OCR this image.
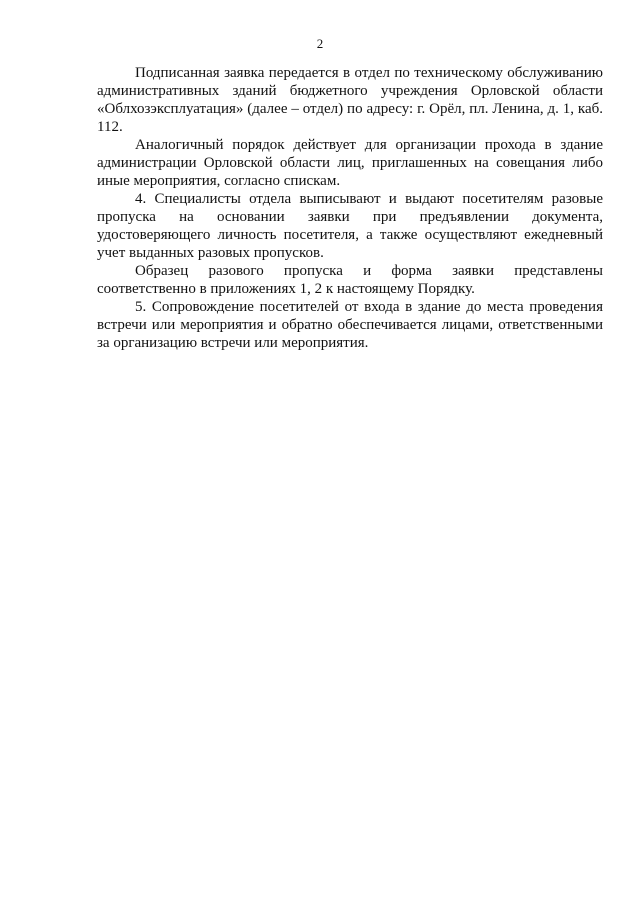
2

Подписанная заявка передается в отдел по техническому обслуживанию административных зданий бюджетного учреждения Орловской области «Облхозэксплуатация» (далее – отдел) по адресу: г. Орёл, пл. Ленина, д. 1, каб. 112.

Аналогичный порядок действует для организации прохода в здание администрации Орловской области лиц, приглашенных на совещания либо иные мероприятия, согласно спискам.

4. Специалисты отдела выписывают и выдают посетителям разовые пропуска на основании заявки при предъявлении документа, удостоверяющего личность посетителя, а также осуществляют ежедневный учет выданных разовых пропусков.

Образец разового пропуска и форма заявки представлены соответственно в приложениях 1, 2 к настоящему Порядку.

5. Сопровождение посетителей от входа в здание до места проведения встречи или мероприятия и обратно обеспечивается лицами, ответственными за организацию встречи или мероприятия.
